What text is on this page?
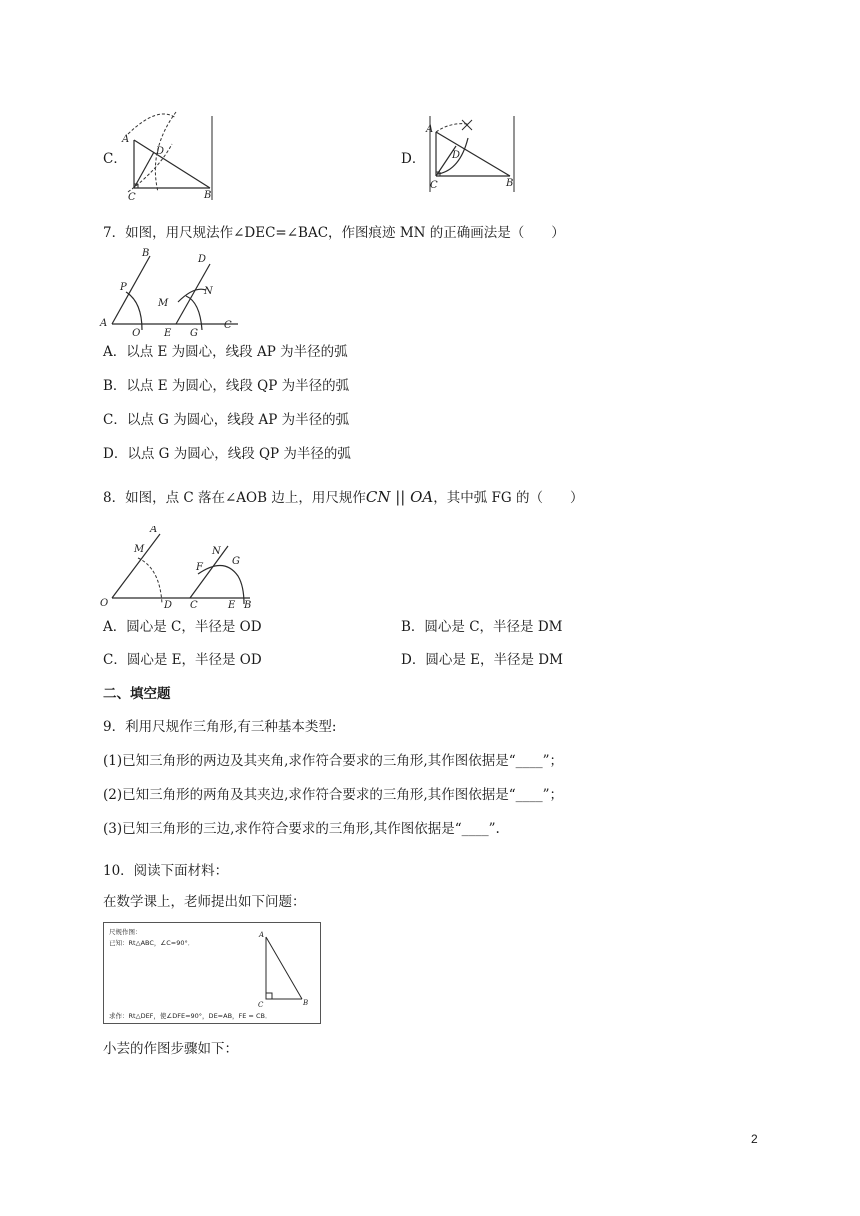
C．
A
D
C	B
D．
A
D
C	B
7．如图，用尺规法作∠DEC=∠BAC，作图痕迹 MN 的正确画法是（　　）
B
P
A
Q
D
M
N
E G
C
A．以点 E 为圆心，线段 AP 为半径的弧
B．以点 E 为圆心，线段 QP 为半径的弧
C．以点 G 为圆心，线段 AP 为半径的弧
D．以点 G 为圆心，线段 QP 为半径的弧
8．如图，点 C 落在∠AOB 边上，用尺规作CN || OA，其中弧 FG 的（　　）
A
M
O	D
N
F
G
C	E B
A．圆心是 C，半径是 OD	B．圆心是 C，半径是 DM
C．圆心是 E，半径是 OD	D．圆心是 E，半径是 DM
二、填空题
9．利用尺规作三角形,有三种基本类型:
(1)已知三角形的两边及其夹角,求作符合要求的三角形,其作图依据是“____”；
(2)已知三角形的两角及其夹边,求作符合要求的三角形,其作图依据是“____”；
(3)已知三角形的三边,求作符合要求的三角形,其作图依据是“____”.
10．阅读下面材料：
在数学课上，老师提出如下问题：
尺规作图：
已知：Rt△ABC，∠C=90°．
A
C	B
求作：Rt△DEF，使∠DFE=90°，DE=AB，FE = CB．
小芸的作图步骤如下：
2
